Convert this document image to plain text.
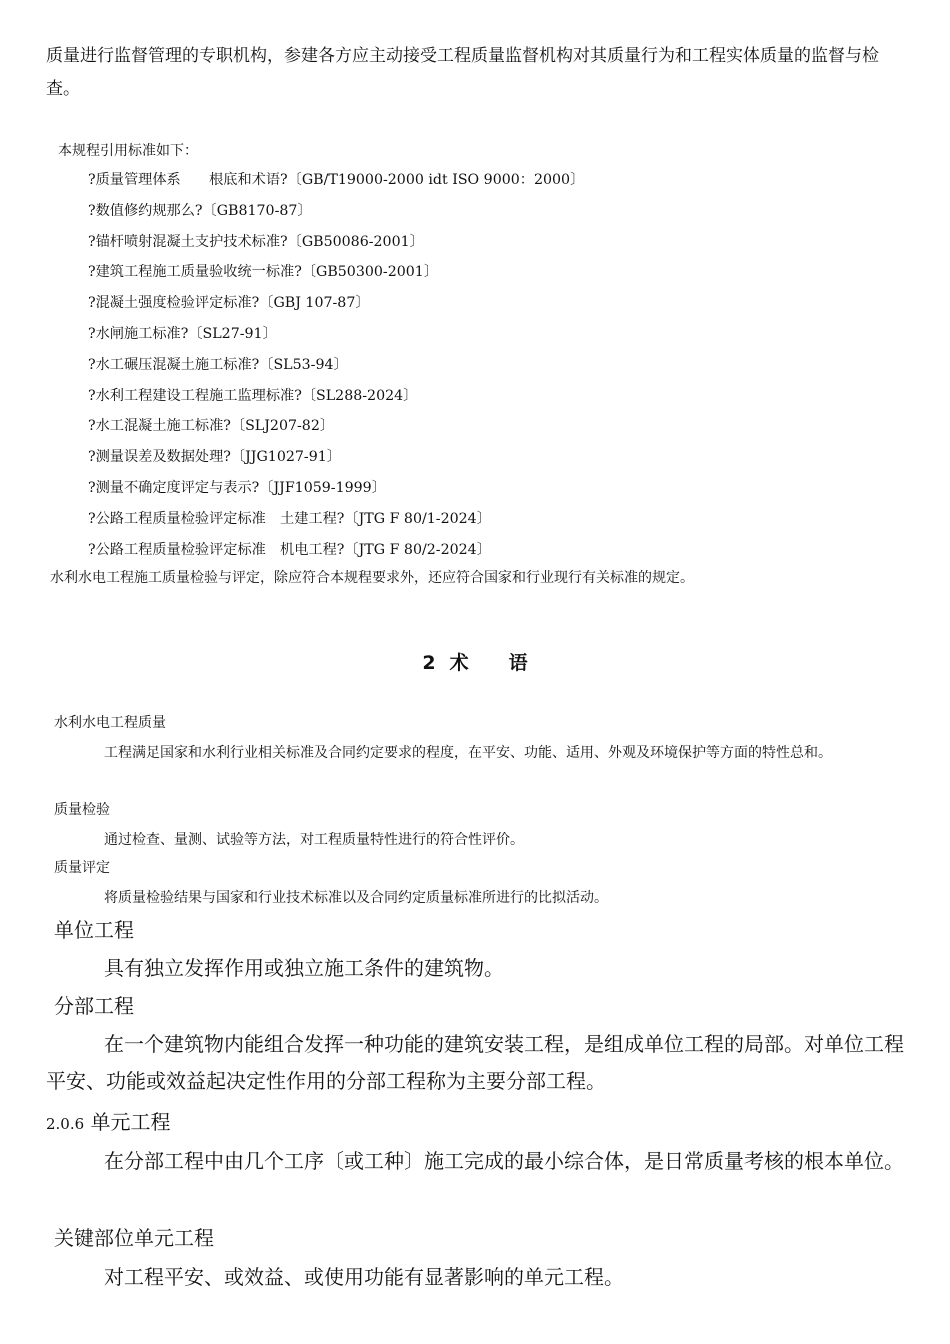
质量进行监督管理的专职机构，参建各方应主动接受工程质量监督机构对其质量行为和工程实体质量的监督与检查。

本规程引用标准如下：
?质量管理体系　　根底和术语?〔GB/T19000-2000 idt ISO 9000：2000〕
?数值修约规那么?〔GB8170-87〕
?锚杆喷射混凝土支护技术标准?〔GB50086-2001〕
?建筑工程施工质量验收统一标准?〔GB50300-2001〕
?混凝土强度检验评定标准?〔GBJ 107-87〕
?水闸施工标准?〔SL27-91〕
?水工碾压混凝土施工标准?〔SL53-94〕
?水利工程建设工程施工监理标准?〔SL288-2024〕
?水工混凝土施工标准?〔SLJ207-82〕
?测量误差及数据处理?〔JJG1027-91〕
?测量不确定度评定与表示?〔JJF1059-1999〕
?公路工程质量检验评定标准　土建工程?〔JTG F 80/1-2024〕
?公路工程质量检验评定标准　机电工程?〔JTG F 80/2-2024〕
水利水电工程施工质量检验与评定，除应符合本规程要求外，还应符合国家和行业现行有关标准的规定。
2 术 语
水利水电工程质量

工程满足国家和水利行业相关标准及合同约定要求的程度，在平安、功能、适用、外观及环境保护等方面的特性总和。

质量检验

通过检查、量测、试验等方法，对工程质量特性进行的符合性评价。

质量评定

将质量检验结果与国家和行业技术标准以及合同约定质量标准所进行的比拟活动。

单位工程

具有独立发挥作用或独立施工条件的建筑物。

分部工程

在一个建筑物内能组合发挥一种功能的建筑安装工程，是组成单位工程的局部。对单位工程平安、功能或效益起决定性作用的分部工程称为主要分部工程。

2.0.6 单元工程

在分部工程中由几个工序〔或工种〕施工完成的最小综合体，是日常质量考核的根本单位。

关键部位单元工程

对工程平安、或效益、或使用功能有显著影响的单元工程。
